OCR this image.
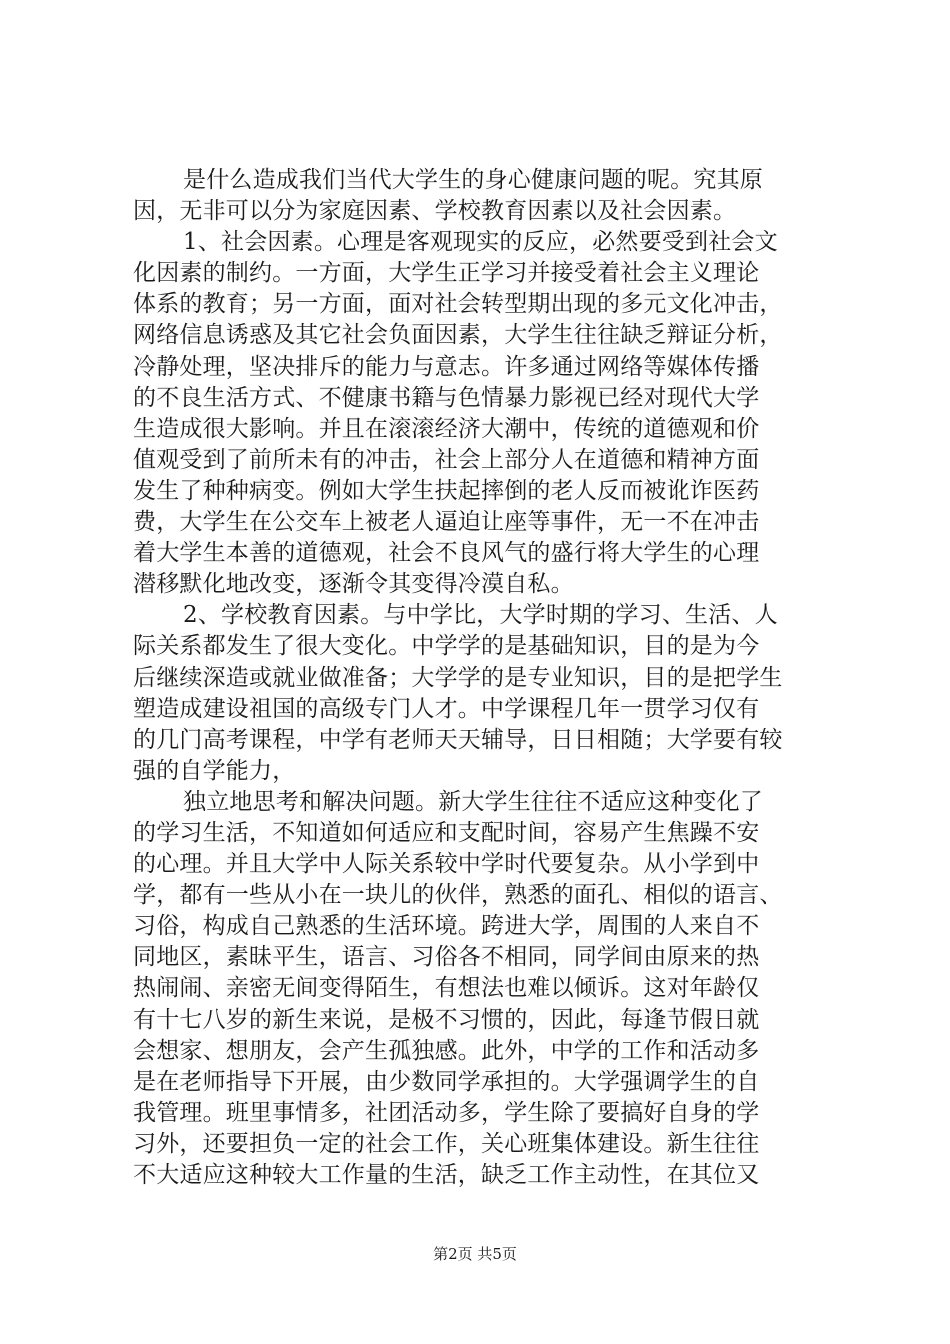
是什么造成我们当代大学生的身心健康问题的呢。究其原
因，无非可以分为家庭因素、学校教育因素以及社会因素。
1、社会因素。心理是客观现实的反应，必然要受到社会文
化因素的制约。一方面，大学生正学习并接受着社会主义理论
体系的教育；另一方面，面对社会转型期出现的多元文化冲击，
网络信息诱惑及其它社会负面因素，大学生往往缺乏辩证分析，
冷静处理，坚决排斥的能力与意志。许多通过网络等媒体传播
的不良生活方式、不健康书籍与色情暴力影视已经对现代大学
生造成很大影响。并且在滚滚经济大潮中，传统的道德观和价
值观受到了前所未有的冲击，社会上部分人在道德和精神方面
发生了种种病变。例如大学生扶起摔倒的老人反而被讹诈医药
费，大学生在公交车上被老人逼迫让座等事件，无一不在冲击
着大学生本善的道德观，社会不良风气的盛行将大学生的心理
潜移默化地改变，逐渐令其变得冷漠自私。
2、学校教育因素。与中学比，大学时期的学习、生活、人
际关系都发生了很大变化。中学学的是基础知识，目的是为今
后继续深造或就业做准备；大学学的是专业知识，目的是把学生
塑造成建设祖国的高级专门人才。中学课程几年一贯学习仅有
的几门高考课程，中学有老师天天辅导，日日相随；大学要有较
强的自学能力，
独立地思考和解决问题。新大学生往往不适应这种变化了
的学习生活，不知道如何适应和支配时间，容易产生焦躁不安
的心理。并且大学中人际关系较中学时代要复杂。从小学到中
学，都有一些从小在一块儿的伙伴，熟悉的面孔、相似的语言、
习俗，构成自己熟悉的生活环境。跨进大学，周围的人来自不
同地区，素昧平生，语言、习俗各不相同，同学间由原来的热
热闹闹、亲密无间变得陌生，有想法也难以倾诉。这对年龄仅
有十七八岁的新生来说，是极不习惯的，因此，每逢节假日就
会想家、想朋友，会产生孤独感。此外，中学的工作和活动多
是在老师指导下开展，由少数同学承担的。大学强调学生的自
我管理。班里事情多，社团活动多，学生除了要搞好自身的学
习外，还要担负一定的社会工作，关心班集体建设。新生往往
不大适应这种较大工作量的生活，缺乏工作主动性，在其位又
第2页 共5页
